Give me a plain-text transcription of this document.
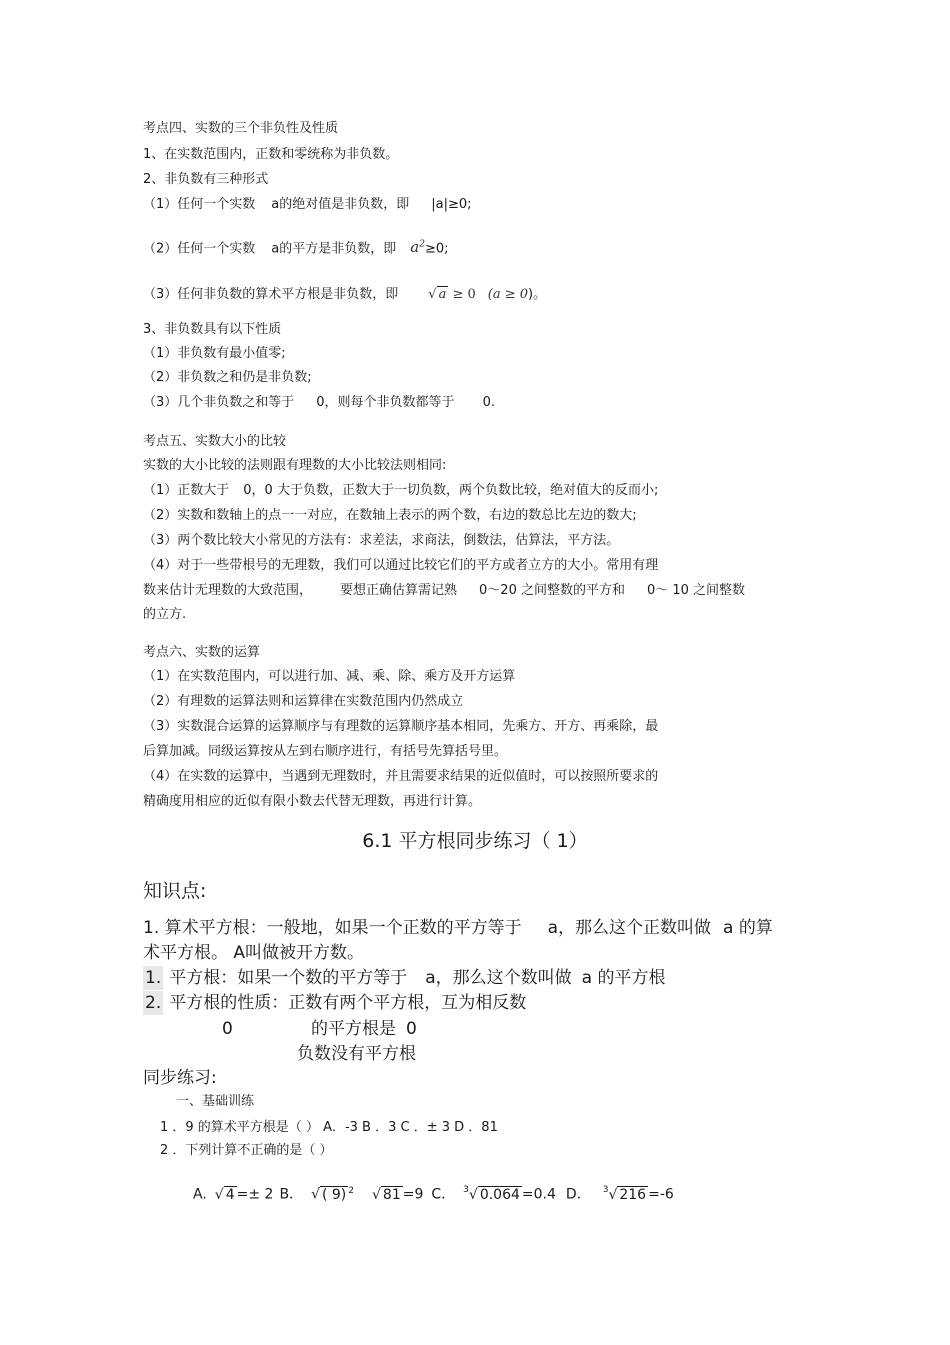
考点四、实数的三个非负性及性质
1、在实数范围内，正数和零统称为非负数。
2、非负数有三种形式
（1）任何一个实数 a的绝对值是非负数，即 |a|≥0;
（2）任何一个实数 a的平方是非负数，即 $a^2\ge 0$;
（3）任何非负数的算术平方根是非负数，即 √ a ≥ 0 (a ≥ 0)。
3、非负数具有以下性质
（1）非负数有最小值零;
（2）非负数之和仍是非负数;
（3）几个非负数之和等于 0，则每个非负数都等于 0.
考点五、实数大小的比较
实数的大小比较的法则跟有理数的大小比较法则相同:
（1）正数大于 0，0 大于负数，正数大于一切负数，两个负数比较，绝对值大的反而小;
（2）实数和数轴上的点一一对应，在数轴上表示的两个数，右边的数总比左边的数大;
（3）两个数比较大小常见的方法有：求差法，求商法，倒数法，估算法，平方法。
（4）对于一些带根号的无理数，我们可以通过比较它们的平方或者立方的大小。常用有理
数来估计无理数的大致范围， 要想正确估算需记熟 0～20 之间整数的平方和 0～ 10 之间整数
的立方.
考点六、实数的运算
（1）在实数范围内，可以进行加、减、乘、除、乘方及开方运算
（2）有理数的运算法则和运算律在实数范围内仍然成立
（3）实数混合运算的运算顺序与有理数的运算顺序基本相同，先乘方、开方、再乘除，最
后算加减。同级运算按从左到右顺序进行，有括号先算括号里。
（4）在实数的运算中，当遇到无理数时，并且需要求结果的近似值时，可以按照所要求的
精确度用相应的近似有限小数去代替无理数，再进行计算。
6.1 平方根同步练习（ 1）
知识点:
1. 算术平方根：一般地，如果一个正数的平方等于 a，那么这个正数叫做 a 的算
术平方根。 A叫做被开方数。
1. 平方根：如果一个数的平方等于 a，那么这个数叫做 a 的平方根
2. 平方根的性质：正数有两个平方根，互为相反数
0	的平方根是 0
负数没有平方根
同步练习:
一、基础训练
1 ．9 的算术平方根是（ ） A．-3 B ．3 C ．± 3 D ．81
2 ．下列计算不正确的是（ ）
A. √ 4 =± 2 B． √ ( 9) $^2$ √ 81 =9 C． $^3$√ 0.064 =0.4 D． $^3$√ 216 =-6
